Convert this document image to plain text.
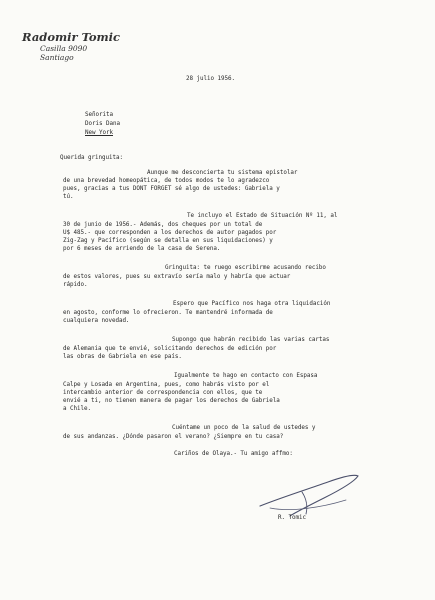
Radomir Tomic
Casilla 9090
Santiago
28 julio 1956.
Señorita
Doris Dana
New York
Querida gringuita:
Aunque me desconcierta tu sistema epistolar
de una brevedad homeopática, de todos modos te lo agradezco
pues, gracias a tus DONT FORGET sé algo de ustedes: Gabriela y
tú.
Te incluyo el Estado de Situación Nº 11, al
30 de junio de 1956.- Además, dos cheques por un total de
U$ 485.- que corresponden a los derechos de autor pagados por
Zig-Zag y Pacífico (según se detalla en sus liquidaciones) y
por 6 meses de arriendo de la casa de Serena.
Gringuita: te ruego escribirme acusando recibo
de estos valores, pues su extravío sería malo y habría que actuar
rápido.
Espero que Pacífico nos haga otra liquidación
en agosto, conforme lo ofrecieron. Te mantendré informada de
cualquiera novedad.
Supongo que habrán recibido las varias cartas
de Alemania que te envié, solicitando derechos de edición por
las obras de Gabriela en ese país.
Igualmente te hago en contacto con Espasa
Calpe y Losada en Argentina, pues, como habrás visto por el
intercambio anterior de correspondencia con ellos, que te
envié a ti, no tienen manera de pagar los derechos de Gabriela
a Chile.
Cuéntame un poco de la salud de ustedes y
de sus andanzas. ¿Dónde pasaron el verano? ¿Siempre en tu casa?
Cariños de Olaya.- Tu amigo affmo:
R. Tomic
